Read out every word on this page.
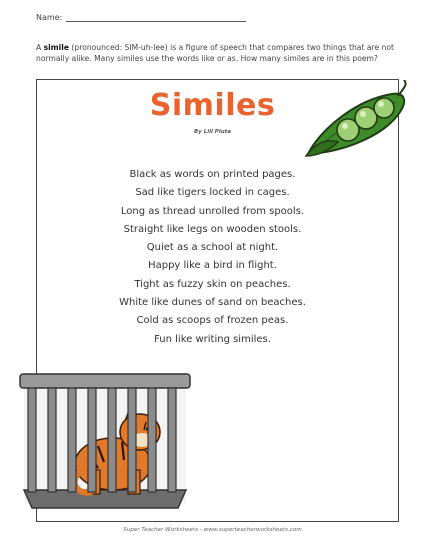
Name:
A simile (pronounced: SIM-uh-lee) is a figure of speech that compares two things that are not normally alike. Many similes use the words like or as. How many similes are in this poem?
Similes
By Lill Pluta
Black as words on printed pages.
Sad like tigers locked in cages.
Long as thread unrolled from spools.
Straight like legs on wooden stools.
Quiet as a school at night.
Happy like a bird in flight.
Tight as fuzzy skin on peaches.
White like dunes of sand on beaches.
Cold as scoops of frozen peas.
Fun like writing similes.
Super Teacher Worksheets - www.superteacherworksheets.com
